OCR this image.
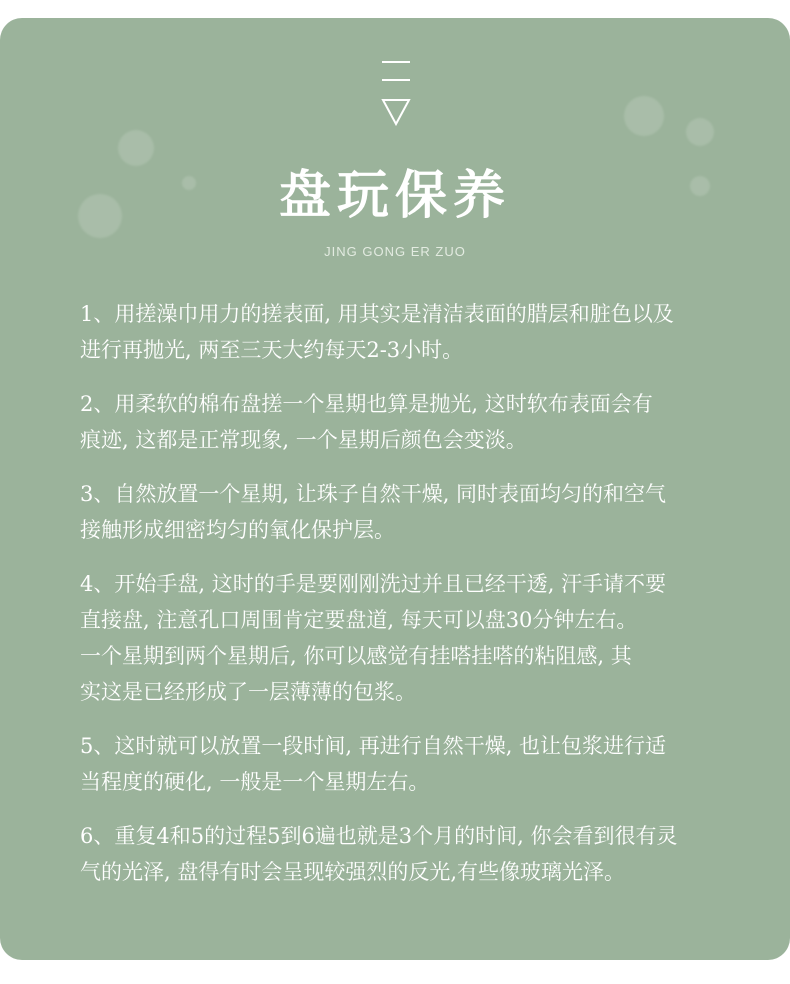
盘玩保养
JING GONG ER ZUO
1、用搓澡巾用力的搓表面, 用其实是清洁表面的腊层和脏色以及
进行再抛光, 两至三天大约每天2-3小时。
2、用柔软的棉布盘搓一个星期也算是抛光, 这时软布表面会有
痕迹, 这都是正常现象, 一个星期后颜色会变淡。
3、自然放置一个星期, 让珠子自然干燥, 同时表面均匀的和空气
接触形成细密均匀的氧化保护层。
4、开始手盘, 这时的手是要刚刚洗过并且已经干透, 汗手请不要
直接盘, 注意孔口周围肯定要盘道, 每天可以盘30分钟左右。
一个星期到两个星期后, 你可以感觉有挂嗒挂嗒的粘阻感, 其
实这是已经形成了一层薄薄的包浆。
5、这时就可以放置一段时间, 再进行自然干燥, 也让包浆进行适
当程度的硬化, 一般是一个星期左右。
6、重复4和5的过程5到6遍也就是3个月的时间, 你会看到很有灵
气的光泽, 盘得有时会呈现较强烈的反光,有些像玻璃光泽。
